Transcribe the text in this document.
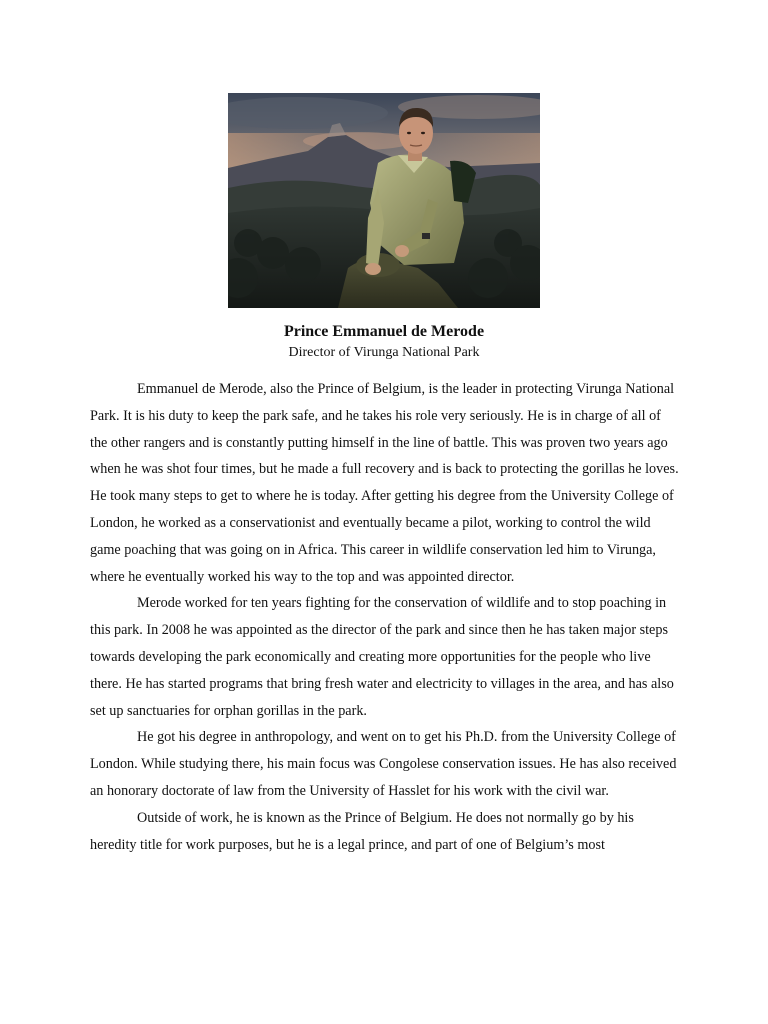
Prince Emmanuel de Merode
Director of Virunga National Park

Emmanuel de Merode, also the Prince of Belgium, is the leader in protecting Virunga National Park. It is his duty to keep the park safe, and he takes his role very seriously. He is in charge of all of the other rangers and is constantly putting himself in the line of battle. This was proven two years ago when he was shot four times, but he made a full recovery and is back to protecting the gorillas he loves. He took many steps to get to where he is today. After getting his degree from the University College of London, he worked as a conservationist and eventually became a pilot, working to control the wild game poaching that was going on in Africa. This career in wildlife conservation led him to Virunga, where he eventually worked his way to the top and was appointed director.

Merode worked for ten years fighting for the conservation of wildlife and to stop poaching in this park. In 2008 he was appointed as the director of the park and since then he has taken major steps towards developing the park economically and creating more opportunities for the people who live there. He has started programs that bring fresh water and electricity to villages in the area, and has also set up sanctuaries for orphan gorillas in the park.

He got his degree in anthropology, and went on to get his Ph.D. from the University College of London. While studying there, his main focus was Congolese conservation issues. He has also received an honorary doctorate of law from the University of Hasslet for his work with the civil war.

Outside of work, he is known as the Prince of Belgium. He does not normally go by his heredity title for work purposes, but he is a legal prince, and part of one of Belgium’s most
